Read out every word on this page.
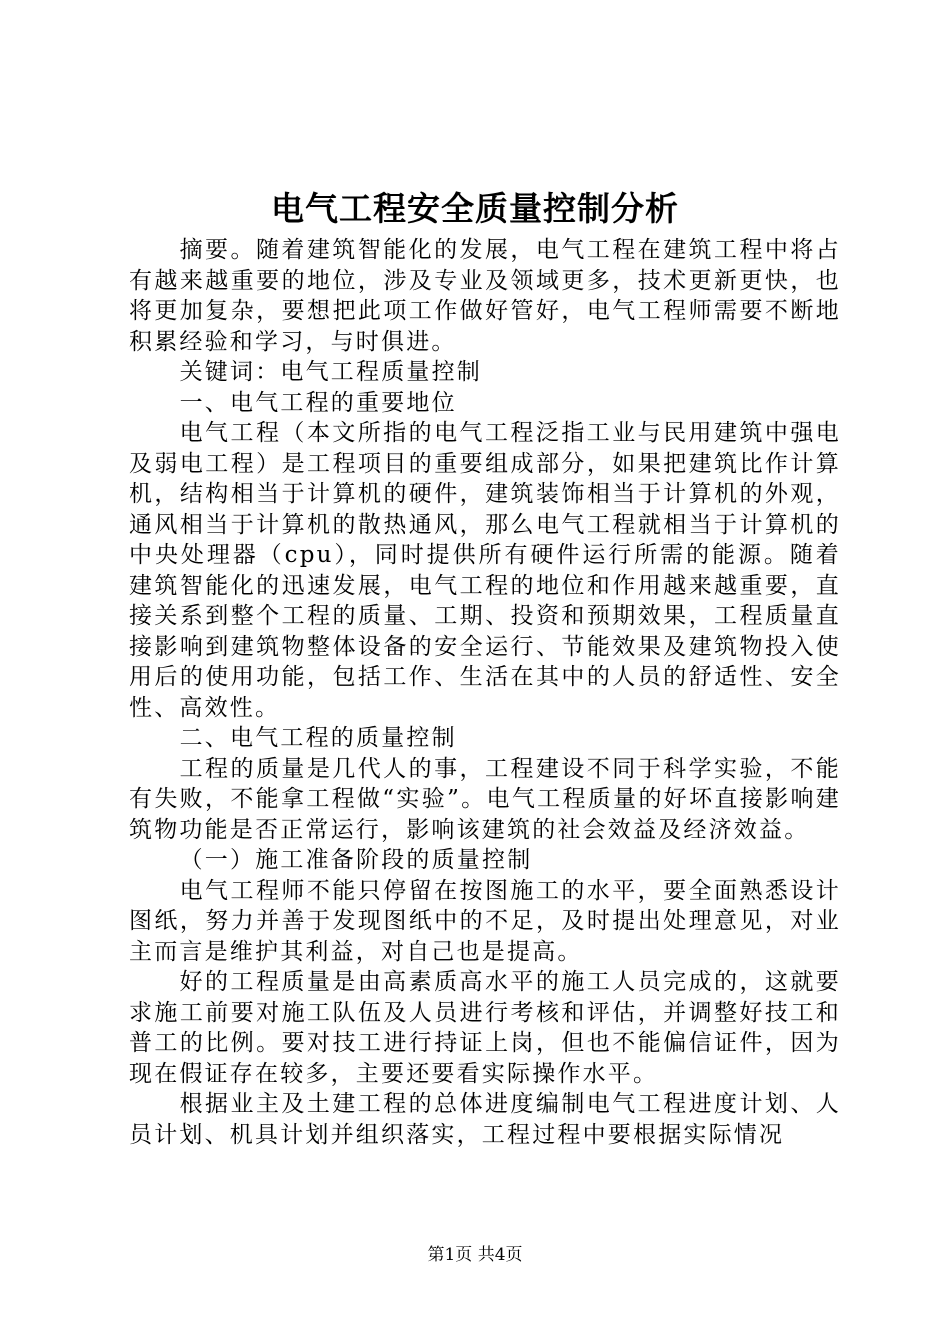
电气工程安全质量控制分析

摘要。随着建筑智能化的发展，电气工程在建筑工程中将占有越来越重要的地位，涉及专业及领域更多，技术更新更快，也将更加复杂，要想把此项工作做好管好，电气工程师需要不断地积累经验和学习，与时俱进。

关键词：电气工程质量控制

一、电气工程的重要地位

电气工程（本文所指的电气工程泛指工业与民用建筑中强电及弱电工程）是工程项目的重要组成部分，如果把建筑比作计算机，结构相当于计算机的硬件，建筑装饰相当于计算机的外观，通风相当于计算机的散热通风，那么电气工程就相当于计算机的中央处理器（cpu），同时提供所有硬件运行所需的能源。随着建筑智能化的迅速发展，电气工程的地位和作用越来越重要，直接关系到整个工程的质量、工期、投资和预期效果，工程质量直接影响到建筑物整体设备的安全运行、节能效果及建筑物投入使用后的使用功能，包括工作、生活在其中的人员的舒适性、安全性、高效性。

二、电气工程的质量控制

工程的质量是几代人的事，工程建设不同于科学实验，不能有失败，不能拿工程做“实验”。电气工程质量的好坏直接影响建筑物功能是否正常运行，影响该建筑的社会效益及经济效益。

（一）施工准备阶段的质量控制

电气工程师不能只停留在按图施工的水平，要全面熟悉设计图纸，努力并善于发现图纸中的不足，及时提出处理意见，对业主而言是维护其利益，对自己也是提高。

好的工程质量是由高素质高水平的施工人员完成的，这就要求施工前要对施工队伍及人员进行考核和评估，并调整好技工和普工的比例。要对技工进行持证上岗，但也不能偏信证件，因为现在假证存在较多，主要还要看实际操作水平。

根据业主及土建工程的总体进度编制电气工程进度计划、人员计划、机具计划并组织落实，工程过程中要根据实际情况

第1页 共4页
